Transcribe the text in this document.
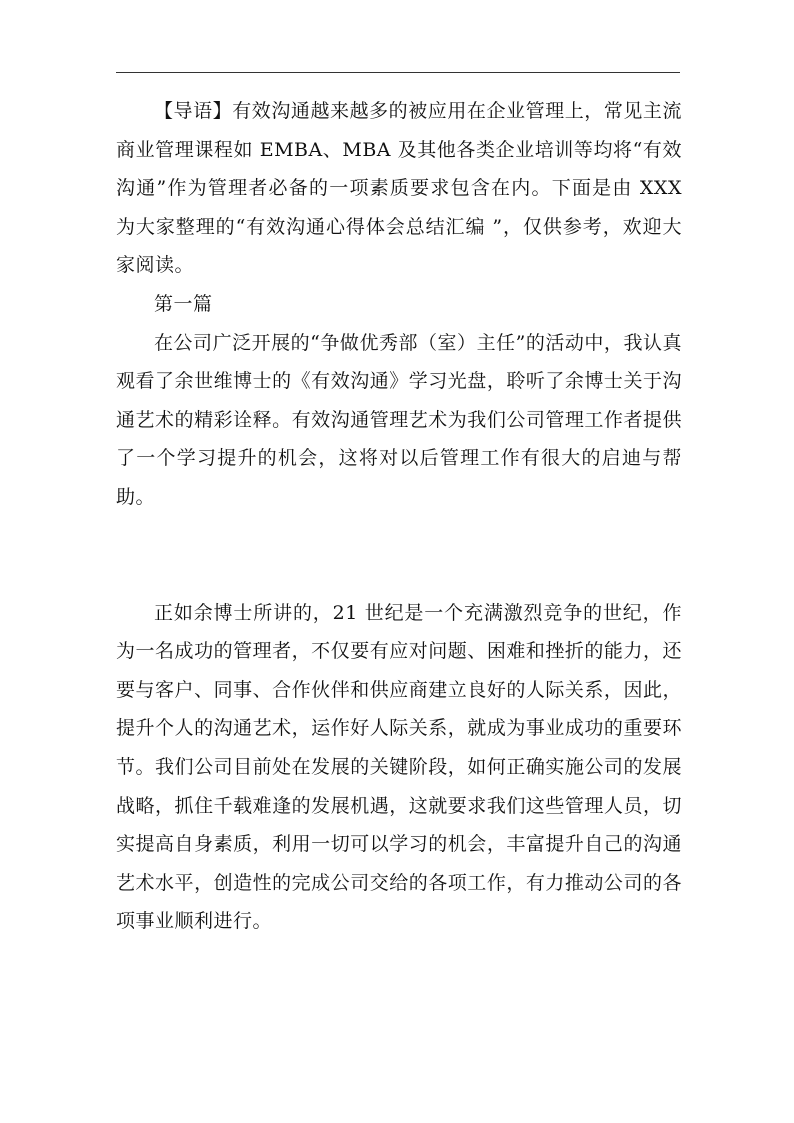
【导语】有效沟通越来越多的被应用在企业管理上，常见主流商业管理课程如 EMBA、MBA 及其他各类企业培训等均将“有效沟通”作为管理者必备的一项素质要求包含在内。下面是由 XXX 为大家整理的“有效沟通心得体会总结汇编 ”，仅供参考，欢迎大家阅读。

第一篇

在公司广泛开展的“争做优秀部（室）主任”的活动中，我认真观看了余世维博士的《有效沟通》学习光盘，聆听了余博士关于沟通艺术的精彩诠释。有效沟通管理艺术为我们公司管理工作者提供了一个学习提升的机会，这将对以后管理工作有很大的启迪与帮助。

正如余博士所讲的，21 世纪是一个充满激烈竞争的世纪，作为一名成功的管理者，不仅要有应对问题、困难和挫折的能力，还要与客户、同事、合作伙伴和供应商建立良好的人际关系，因此，提升个人的沟通艺术，运作好人际关系，就成为事业成功的重要环节。我们公司目前处在发展的关键阶段，如何正确实施公司的发展战略，抓住千载难逢的发展机遇，这就要求我们这些管理人员，切实提高自身素质，利用一切可以学习的机会，丰富提升自己的沟通艺术水平，创造性的完成公司交给的各项工作，有力推动公司的各项事业顺利进行。
